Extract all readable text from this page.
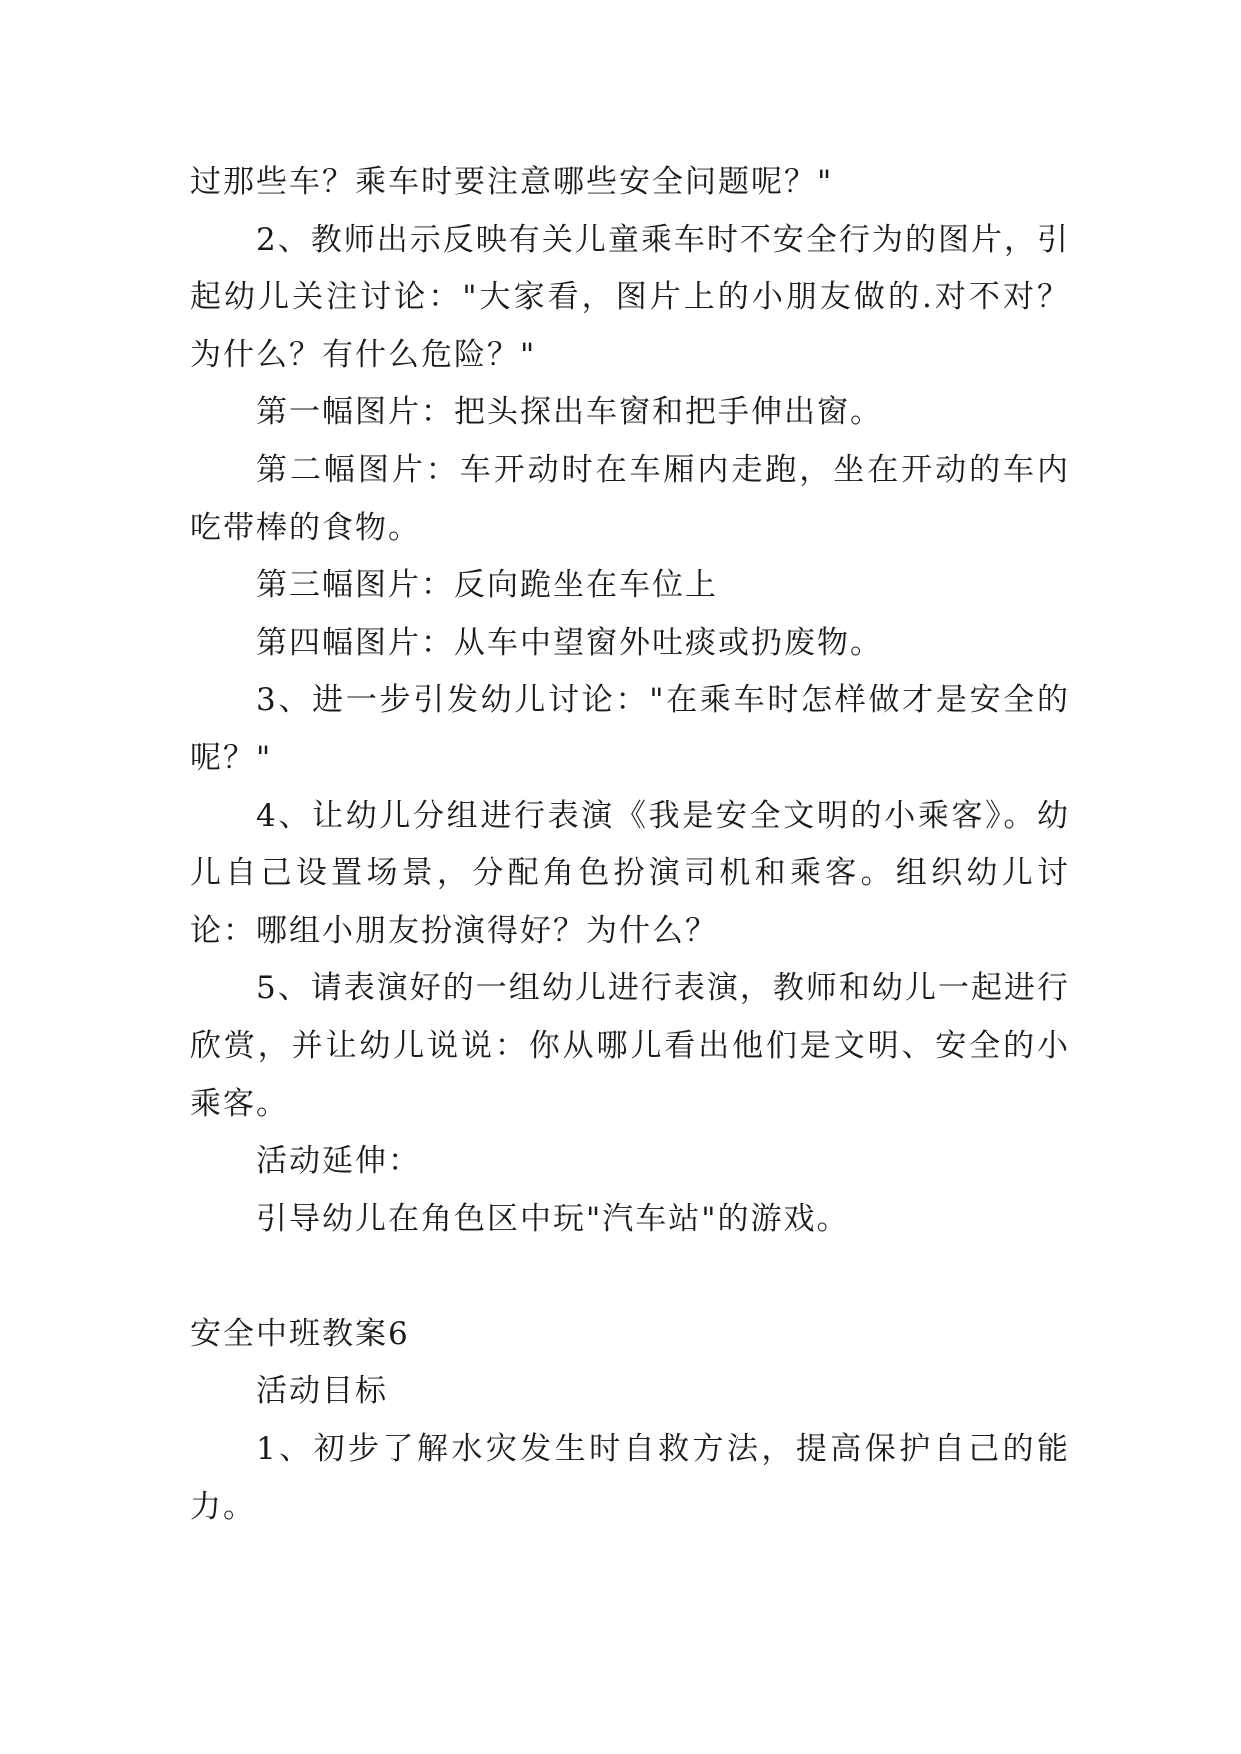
过那些车？乘车时要注意哪些安全问题呢？"

2、教师出示反映有关儿童乘车时不安全行为的图片，引起幼儿关注讨论："大家看，图片上的小朋友做的.对不对？为什么？有什么危险？"

第一幅图片：把头探出车窗和把手伸出窗。

第二幅图片：车开动时在车厢内走跑，坐在开动的车内吃带棒的食物。

第三幅图片：反向跪坐在车位上

第四幅图片：从车中望窗外吐痰或扔废物。

3、进一步引发幼儿讨论："在乘车时怎样做才是安全的呢？"

4、让幼儿分组进行表演《我是安全文明的小乘客》。幼儿自己设置场景，分配角色扮演司机和乘客。组织幼儿讨论：哪组小朋友扮演得好？为什么？

5、请表演好的一组幼儿进行表演，教师和幼儿一起进行欣赏，并让幼儿说说：你从哪儿看出他们是文明、安全的小乘客。

活动延伸：

引导幼儿在角色区中玩"汽车站"的游戏。

安全中班教案6

活动目标

1、初步了解水灾发生时自救方法，提高保护自己的能力。
